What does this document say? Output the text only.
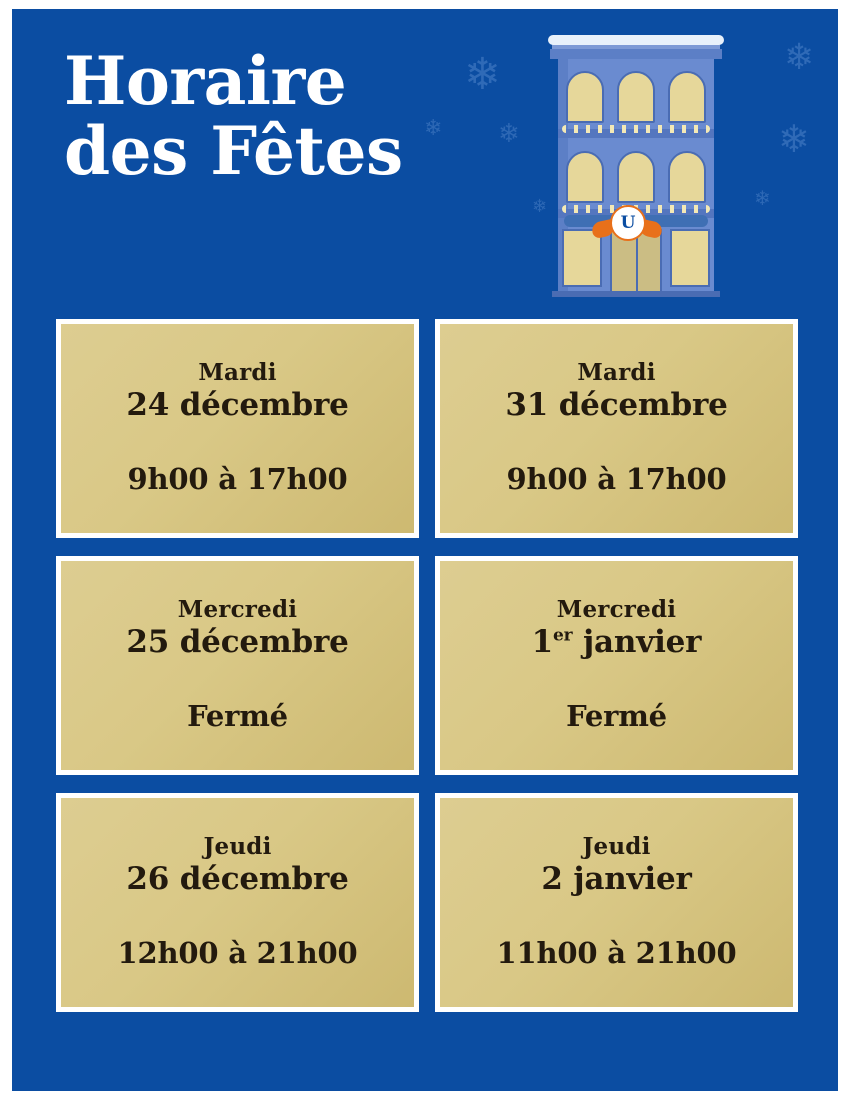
Horaire
des Fêtes
❄
❄ ❄
❄
❄
❄
❄
U
Mardi
24 décembre
9h00 à 17h00
Mardi
31 décembre
9h00 à 17h00
Mercredi
25 décembre
Fermé
Mercredi
1er janvier
Fermé
Jeudi
26 décembre
12h00 à 21h00
Jeudi
2 janvier
11h00 à 21h00
